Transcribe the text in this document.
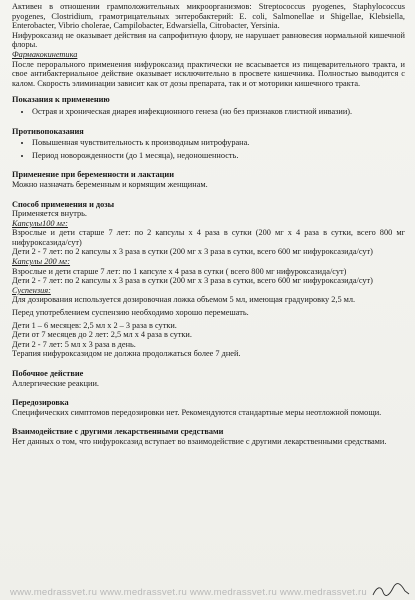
Активен в отношении грамположительных микроорганизмов: Streptococcus pyogenes, Staphylococcus pyogenes, Clostridium, грамотрицательных энтеробактерий: E. coli, Salmonellae и Shigellae, Klebsiella, Enterobacter, Vibrio cholerae, Campilobacter, Edwarsiella, Citrobacter, Yersinia.

Нифуроксазид не оказывает действия на сапрофитную флору, не нарушает равновесия нормальной кишечной флоры.

Фармакокинетика

После перорального применения нифуроксазид практически не всасывается из пищеварительного тракта, и свое антибактериальное действие оказывает исключительно в просвете кишечника. Полностью выводится с калом. Скорость элиминации зависит как от дозы препарата, так и от моторики кишечного тракта.

Показания к применению

• Острая и хроническая диарея инфекционного генеза (но без признаков глистной инвазии).

Противопоказания

• Повышенная чувствительность к производным нитрофурана.
• Период новорожденности (до 1 месяца), недоношенность.

Применение при беременности и лактации

Можно назначать беременным и кормящим женщинам.

Способ применения и дозы

Применяется внутрь.

Капсулы100 мг:

Взрослые и дети старше 7 лет: по 2 капсулы х 4 раза в сутки (200 мг х 4 раза в сутки, всего 800 мг нифуроксазида/сут)

Дети 2 - 7 лет: по 2 капсулы х 3 раза в сутки (200 мг х 3 раза в сутки, всего 600 мг нифуроксазида/сут)

Капсулы 200 мг:

Взрослые и дети старше 7 лет: по 1 капсуле х 4 раза в сутки ( всего 800 мг нифуроксазида/сут)

Дети 2 - 7 лет: по 2 капсулы х 3 раза в сутки (200 мг х 3 раза в сутки, всего 600 мг нифуроксазида/сут)

Суспензия:

Для дозирования используется дозировочная ложка объемом 5 мл, имеющая градуировку 2,5 мл.

Перед употреблением суспензию необходимо хорошо перемешать.

Дети 1 – 6 месяцев: 2,5 мл х 2 – 3 раза в сутки.

Дети от 7 месяцев до 2 лет: 2,5 мл х 4 раза в сутки.

Дети 2 - 7 лет: 5 мл х 3 раза в день.

Терапия нифуроксазидом не должна продолжаться более 7 дней.

Побочное действие

Аллергические реакции.

Передозировка

Специфических симптомов передозировки нет. Рекомендуются стандартные меры неотложной помощи.

Взаимодействие с другими лекарственными средствами

Нет данных о том, что нифуроксазид вступает во взаимодействие с другими лекарственными средствами.

www.medrassvet.ru www.medrassvet.ru www.medrassvet.ru www.medrassvet.ru
